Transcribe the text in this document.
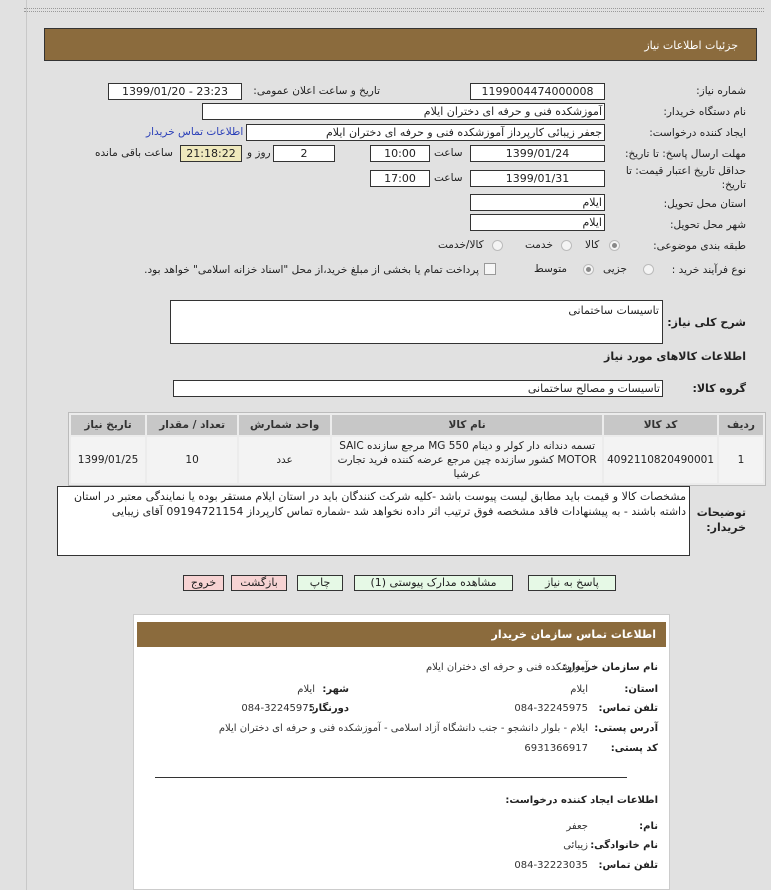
جزئیات اطلاعات نیاز
شماره نیاز:
1199004474000008
تاریخ و ساعت اعلان عمومی:
1399/01/20 - 23:23
نام دستگاه خریدار:
آموزشکده فنی و حرفه ای دختران ایلام
ایجاد کننده درخواست:
جعفر زیبائی کارپرداز آموزشکده فنی و حرفه ای دختران ایلام
اطلاعات تماس خریدار
مهلت ارسال پاسخ: تا تاریخ:
1399/01/24
ساعت
10:00
2
روز و
21:18:22
ساعت باقی مانده
حداقل تاریخ اعتبار قیمت: تا تاریخ:
1399/01/31
ساعت
17:00
استان محل تحویل:
ایلام
شهر محل تحویل:
ایلام
طبقه بندی موضوعی:
کالا
خدمت
کالا/خدمت
نوع فرآیند خرید :
جزیی
متوسط
پرداخت تمام یا بخشی از مبلغ خرید،از محل "اسناد خزانه اسلامی" خواهد بود.
شرح کلی نیاز:
تاسیسات ساختمانی
اطلاعات کالاهای مورد نیاز
گروه کالا:
تاسیسات و مصالح ساختمانی
ردیف	کد کالا	نام کالا	واحد شمارش	تعداد / مقدار	تاریخ نیاز
1	4092110820490001	تسمه دندانه دار کولر و دینام MG 550 مرجع سازنده SAIC MOTOR کشور سازنده چین مرجع عرضه کننده فرید تجارت عرشیا	عدد	10	1399/01/25
توضیحات خریدار:
مشخصات کالا و قیمت باید مطابق لیست پیوست باشد -کلیه شرکت کنندگان باید در استان ایلام مستقر بوده یا نمایندگی معتبر در استان داشته باشند - به پیشنهادات فاقد مشخصه فوق ترتیب اثر داده نخواهد شد -شماره تماس کارپرداز 09194721154 آقای زیبایی
پاسخ به نیاز
مشاهده مدارک پیوستی (1)
چاپ
بازگشت
خروج
اطلاعات تماس سازمان خریدار
نام سازمان خریدار:
آموزشکده فنی و حرفه ای دختران ایلام
استان:
ایلام
شهر:
ایلام
تلفن تماس:
084-32245975
دورنگار:
084-32245975
آدرس پستی:
ایلام - بلوار دانشجو - جنب دانشگاه آزاد اسلامی - آموزشکده فنی و حرفه ای دختران ایلام
کد پستی:
6931366917
اطلاعات ایجاد کننده درخواست:
نام:
جعفر
نام خانوادگی:
زیبائی
تلفن تماس:
084-32223035
